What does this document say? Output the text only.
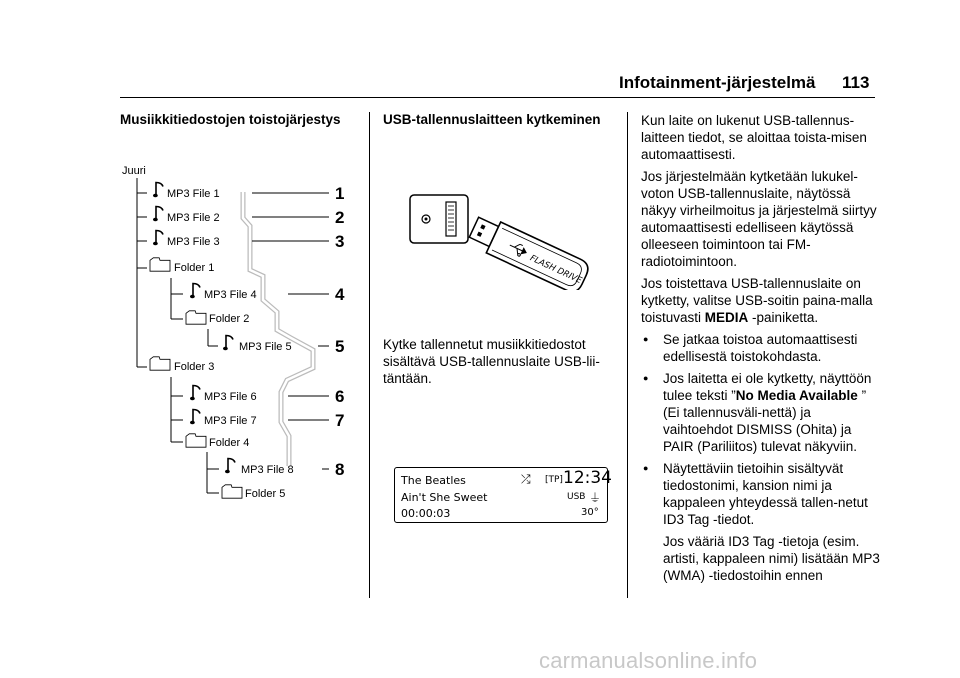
Infotainment-järjestelmä 113
Musiikkitiedostojen toistojärjestys
Juuri
MP3 File 1
MP3 File 2
MP3 File 3
Folder 1
MP3 File 4
Folder 2
MP3 File 5
Folder 3
MP3 File 6
MP3 File 7
Folder 4
MP3 File 8
Folder 5
1
2
3
4
5
6
7
8
USB-tallennuslaitteen kytkeminen
FLASH DRIVE
Kytke tallennetut musiikkitiedostot sisältävä USB-tallennuslaite USB-lii-täntään.
The Beatles	⤮ [TP] 12:34
Ain't She Sweet	USB ⏚
00:00:03	30°

Kun laite on lukenut USB-tallennus-laitteen tiedot, se aloittaa toista-misen automaattisesti.

Jos järjestelmään kytketään lukukel-voton USB-tallennuslaite, näytössä näkyy virheilmoitus ja järjestelmä siirtyy automaattisesti edelliseen käytössä olleeseen toimintoon tai FM-radiotoimintoon.

Jos toistettava USB-tallennuslaite on kytketty, valitse USB-soitin paina-malla toistuvasti MEDIA -painiketta.

● Se jatkaa toistoa automaattisesti edellisestä toistokohdasta.
● Jos laitetta ei ole kytketty, näyttöön tulee teksti ”No Media Available ” (Ei tallennusväli-nettä) ja vaihtoehdot DISMISS (Ohita) ja PAIR (Pariliitos) tulevat näkyviin.
● Näytettäviin tietoihin sisältyvät tiedostonimi, kansion nimi ja kappaleen yhteydessä tallen-netut ID3 Tag -tiedot.

Jos vääriä ID3 Tag -tietoja (esim. artisti, kappaleen nimi) lisätään MP3 (WMA) -tiedostoihin ennen

carmanualsonline.info
